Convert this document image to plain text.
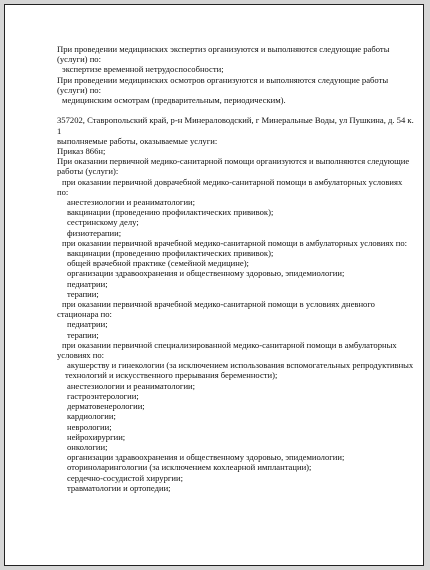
При проведении медицинских экспертиз организуются и выполняются следующие работы
(услуги) по:
экспертизе временной нетрудоспособности;
При проведении медицинских осмотров организуются и выполняются следующие работы
(услуги) по:
медицинским осмотрам (предварительным, периодическим).
357202, Ставропольский край, р-н Минераловодский, г Минеральные Воды, ул Пушкина, д. 54 к.
1
выполняемые работы, оказываемые услуги:
Приказ 866н;
При оказании первичной медико-санитарной помощи организуются и выполняются следующие
работы (услуги):
при оказании первичной доврачебной медико-санитарной помощи в амбулаторных условиях
по:
анестезиологии и реаниматологии;
вакцинации (проведению профилактических прививок);
сестринскому делу;
физиотерапии;
при оказании первичной врачебной медико-санитарной помощи в амбулаторных условиях по:
вакцинации (проведению профилактических прививок);
общей врачебной практике (семейной медицине);
организации здравоохранения и общественному здоровью, эпидемиологии;
педиатрии;
терапии;
при оказании первичной врачебной медико-санитарной помощи в условиях дневного
стационара по:
педиатрии;
терапии;
при оказании первичной специализированной медико-санитарной помощи в амбулаторных
условиях по:
акушерству и гинекологии (за исключением использования вспомогательных репродуктивных
технологий и искусственного прерывания беременности);
анестезиологии и реаниматологии;
гастроэнтерологии;
дерматовенерологии;
кардиологии;
неврологии;
нейрохирургии;
онкологии;
организации здравоохранения и общественному здоровью, эпидемиологии;
оториноларингологии (за исключением кохлеарной имплантации);
сердечно-сосудистой хирургии;
травматологии и ортопедии;
